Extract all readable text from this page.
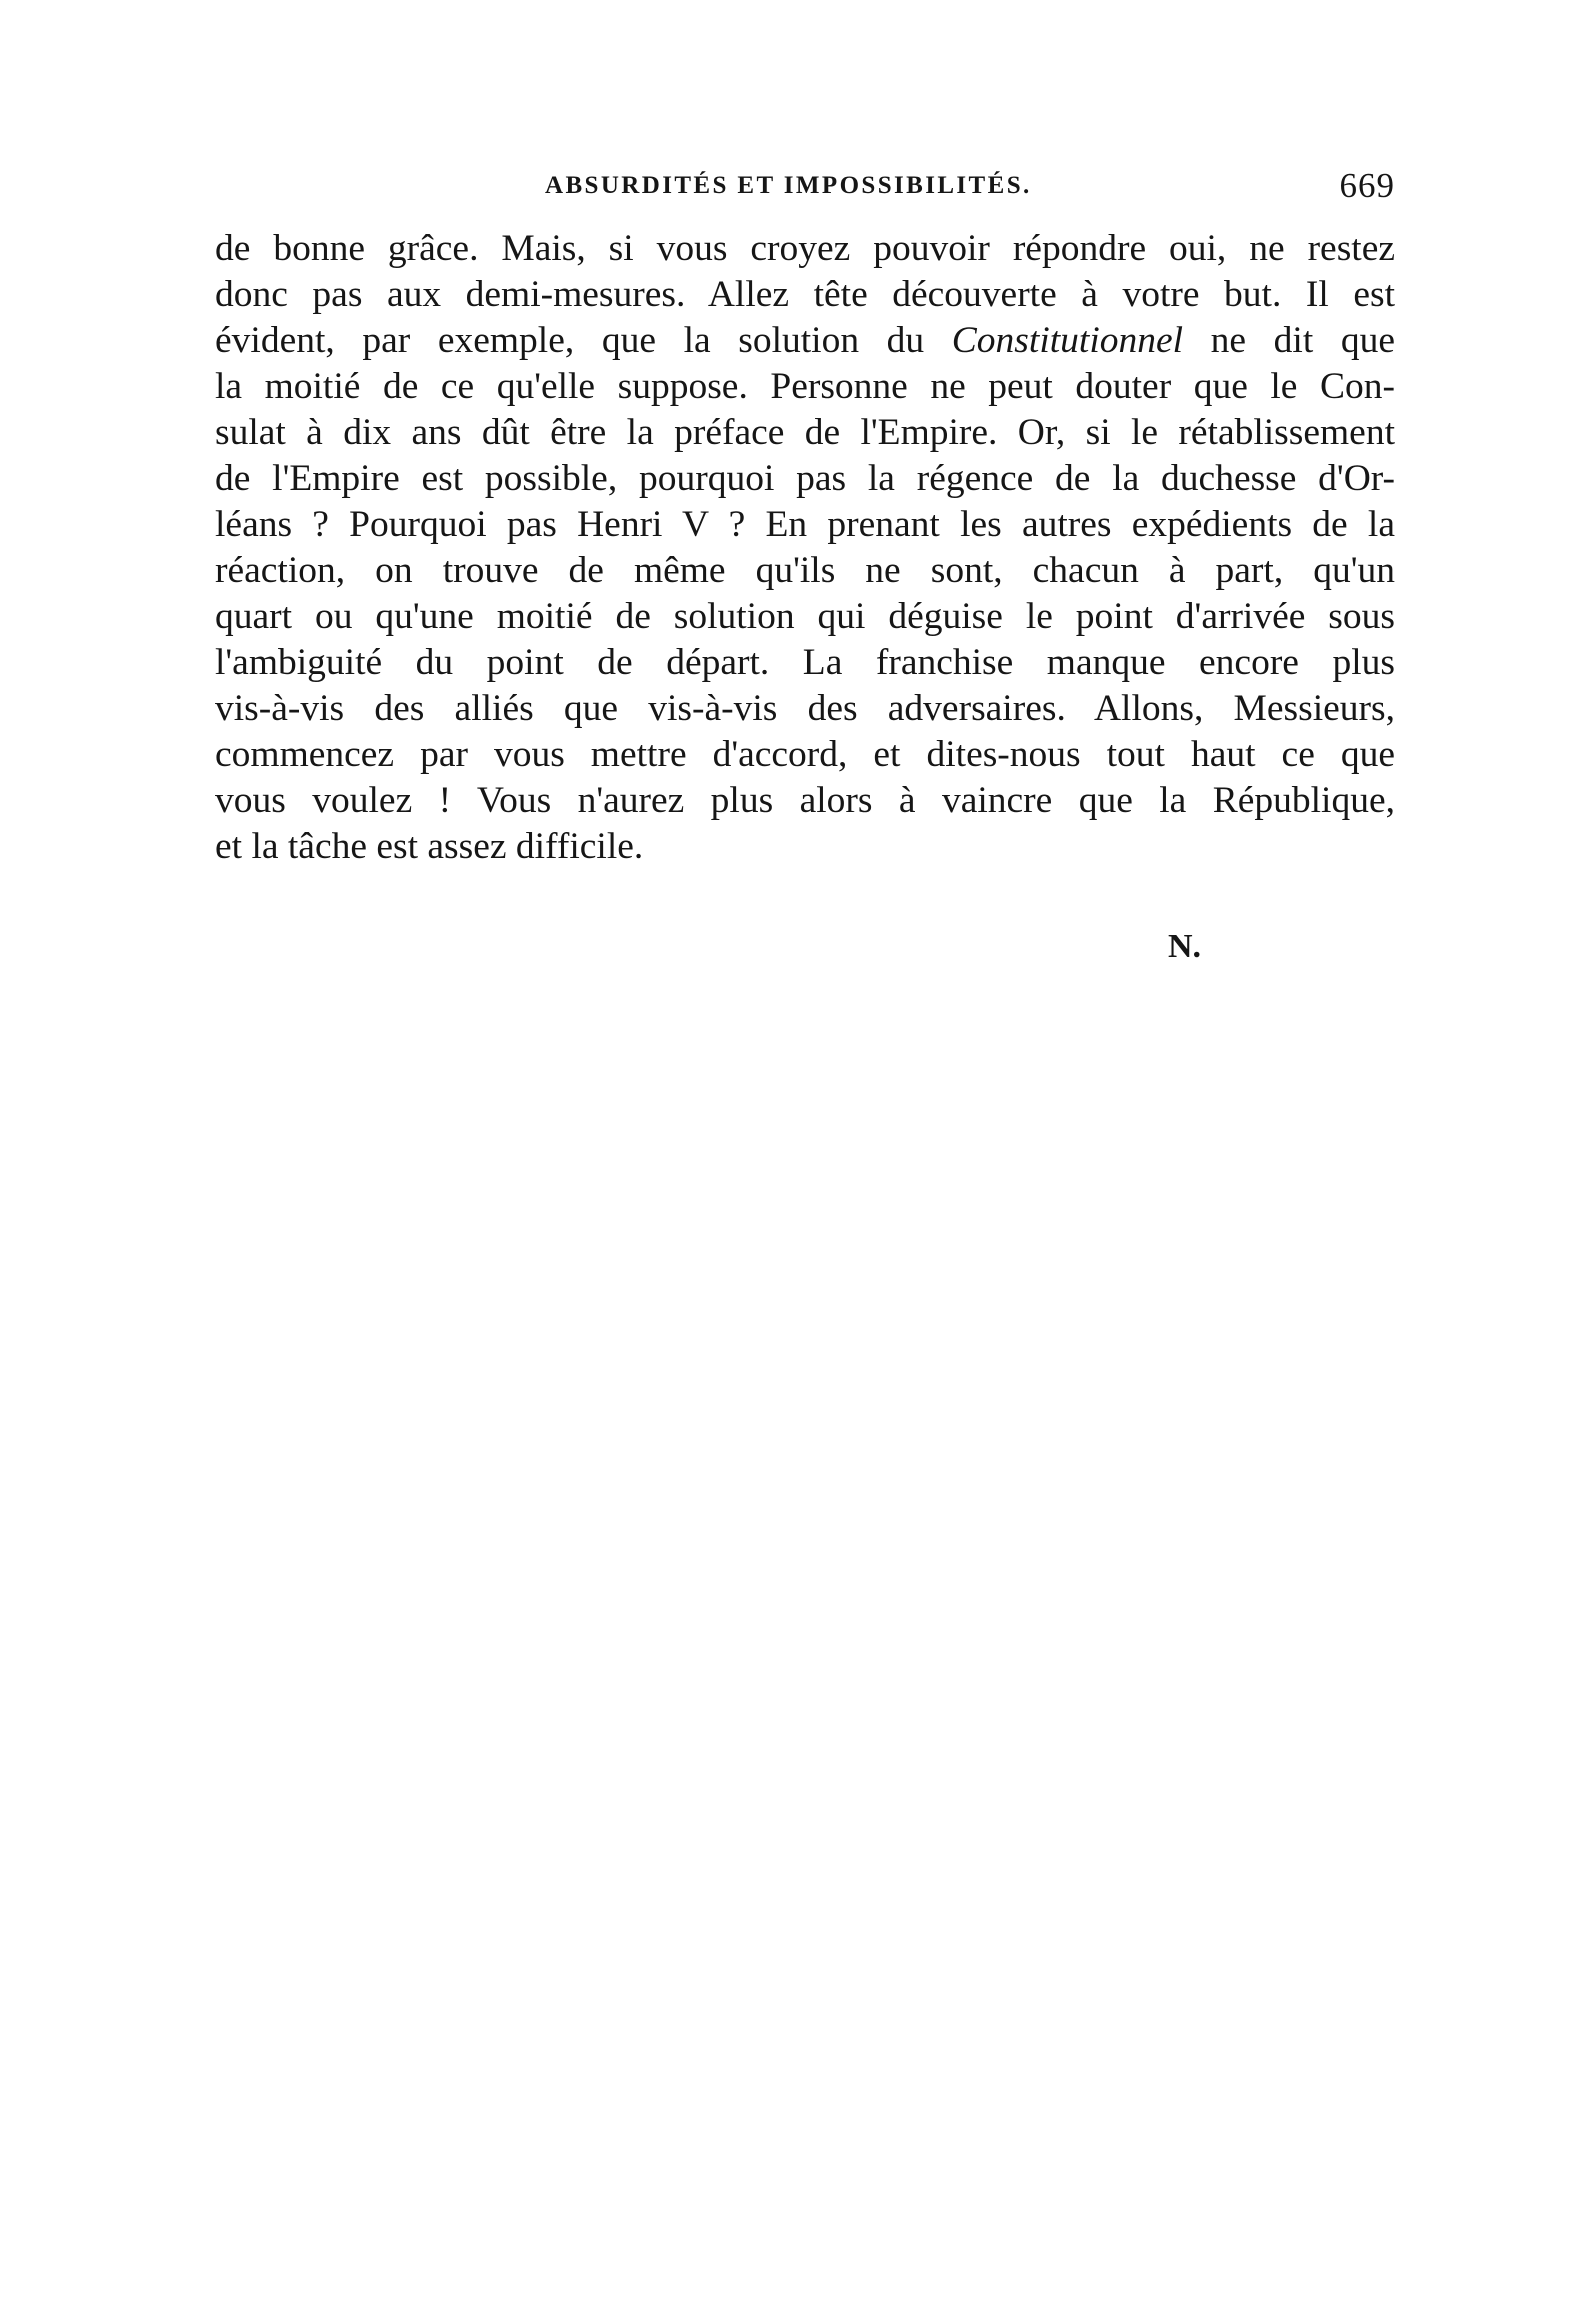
ABSURDITÉS ET IMPOSSIBILITÉS.	669
de bonne grâce. Mais, si vous croyez pouvoir répondre oui, ne restez
donc pas aux demi-mesures. Allez tête découverte à votre but. Il est
évident, par exemple, que la solution du Constitutionnel ne dit que
la moitié de ce qu'elle suppose. Personne ne peut douter que le Con-
sulat à dix ans dût être la préface de l'Empire. Or, si le rétablissement
de l'Empire est possible, pourquoi pas la régence de la duchesse d'Or-
léans ? Pourquoi pas Henri V ? En prenant les autres expédients de la
réaction, on trouve de même qu'ils ne sont, chacun à part, qu'un
quart ou qu'une moitié de solution qui déguise le point d'arrivée sous
l'ambiguité du point de départ. La franchise manque encore plus
vis-à-vis des alliés que vis-à-vis des adversaires. Allons, Messieurs,
commencez par vous mettre d'accord, et dites-nous tout haut ce que
vous voulez ! Vous n'aurez plus alors à vaincre que la République,
et la tâche est assez difficile.
N.
